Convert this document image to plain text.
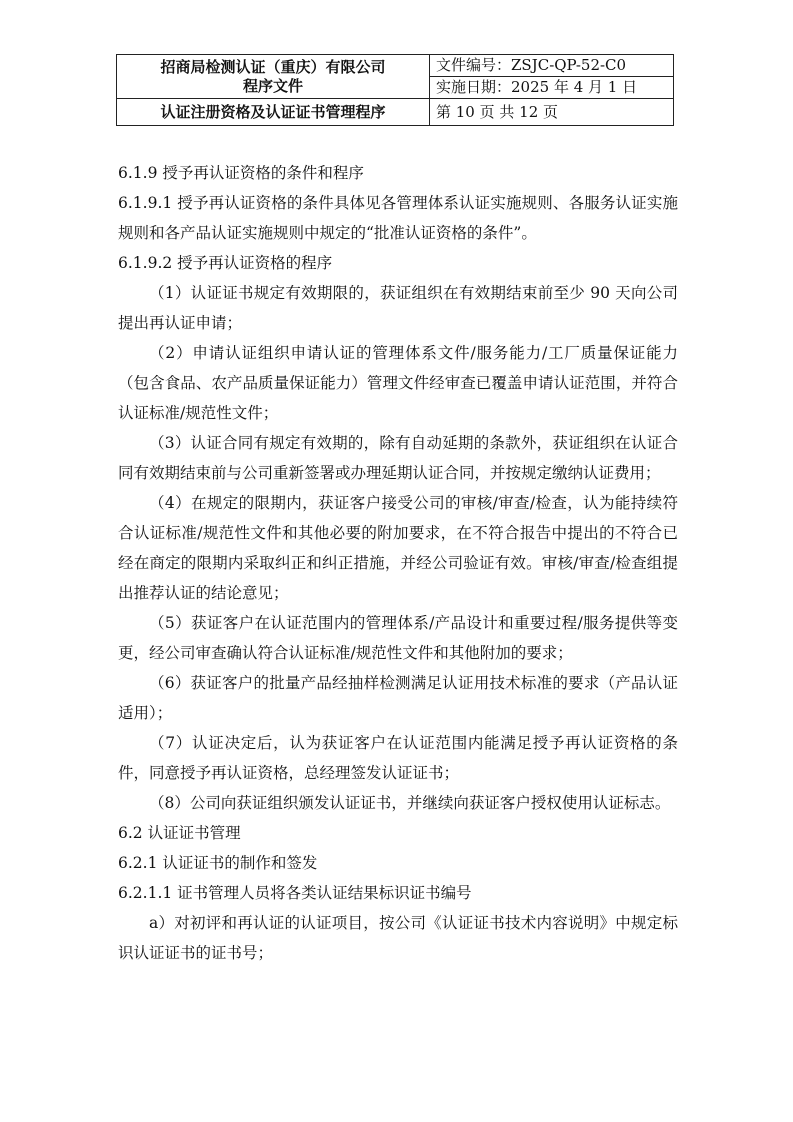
招商局检测认证（重庆）有限公司
程序文件	文件编号：ZSJC-QP-52-C0
	实施日期：2025 年 4 月 1 日
认证注册资格及认证证书管理程序	第 10 页 共 12 页

6.1.9 授予再认证资格的条件和程序

6.1.9.1 授予再认证资格的条件具体见各管理体系认证实施规则、各服务认证实施规则和各产品认证实施规则中规定的“批准认证资格的条件”。

6.1.9.2 授予再认证资格的程序

（1）认证证书规定有效期限的，获证组织在有效期结束前至少 90 天向公司提出再认证申请；

（2）申请认证组织申请认证的管理体系文件/服务能力/工厂质量保证能力（包含食品、农产品质量保证能力）管理文件经审查已覆盖申请认证范围，并符合认证标准/规范性文件；

（3）认证合同有规定有效期的，除有自动延期的条款外，获证组织在认证合同有效期结束前与公司重新签署或办理延期认证合同，并按规定缴纳认证费用；

（4）在规定的限期内，获证客户接受公司的审核/审查/检查，认为能持续符合认证标准/规范性文件和其他必要的附加要求，在不符合报告中提出的不符合已经在商定的限期内采取纠正和纠正措施，并经公司验证有效。审核/审查/检查组提出推荐认证的结论意见；

（5）获证客户在认证范围内的管理体系/产品设计和重要过程/服务提供等变更，经公司审查确认符合认证标准/规范性文件和其他附加的要求；

（6）获证客户的批量产品经抽样检测满足认证用技术标准的要求（产品认证适用）；

（7）认证决定后，认为获证客户在认证范围内能满足授予再认证资格的条件，同意授予再认证资格，总经理签发认证证书；

（8）公司向获证组织颁发认证证书，并继续向获证客户授权使用认证标志。

6.2 认证证书管理

6.2.1 认证证书的制作和签发

6.2.1.1 证书管理人员将各类认证结果标识证书编号

a）对初评和再认证的认证项目，按公司《认证证书技术内容说明》中规定标识认证证书的证书号；
